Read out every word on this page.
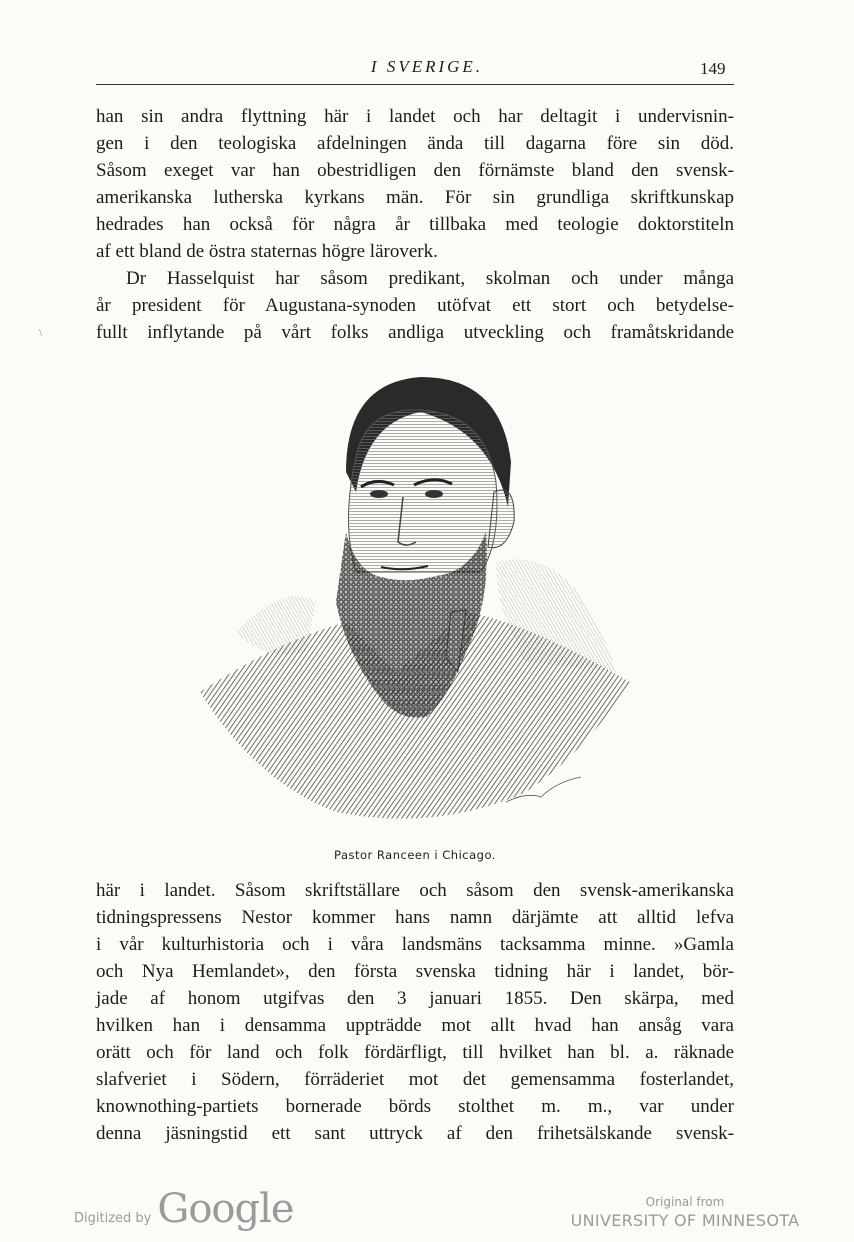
I SVERIGE.	149

han sin andra flyttning här i landet och har deltagit i undervisnin-
gen i den teologiska afdelningen ända till dagarna före sin död.
Såsom exeget var han obestridligen den förnämste bland den svensk-
amerikanska lutherska kyrkans män. För sin grundliga skriftkunskap
hedrades han också för några år tillbaka med teologie doktorstiteln
af ett bland de östra staternas högre läroverk.

Dr Hasselquist har såsom predikant, skolman och under många
år president för Augustana-synoden utöfvat ett stort och betydelse-
fullt inflytande på vårt folks andliga utveckling och framåtskridande

Pastor Ranceen i Chicago.
\

här i landet. Såsom skriftställare och såsom den svensk-amerikanska
tidningspressens Nestor kommer hans namn därjämte att alltid lefva
i vår kulturhistoria och i våra landsmäns tacksamma minne. »Gamla
och Nya Hemlandet», den första svenska tidning här i landet, bör-
jade af honom utgifvas den 3 januari 1855. Den skärpa, med
hvilken han i densamma uppträdde mot allt hvad han ansåg vara
orätt och för land och folk fördärfligt, till hvilket han bl. a. räknade
slafveriet i Södern, förräderiet mot det gemensamma fosterlandet,
knownothing-partiets bornerade börds stolthet m. m., var under
denna jäsningstid ett sant uttryck af den frihetsälskande svensk-

Digitized by Google	Original from
UNIVERSITY OF MINNESOTA
